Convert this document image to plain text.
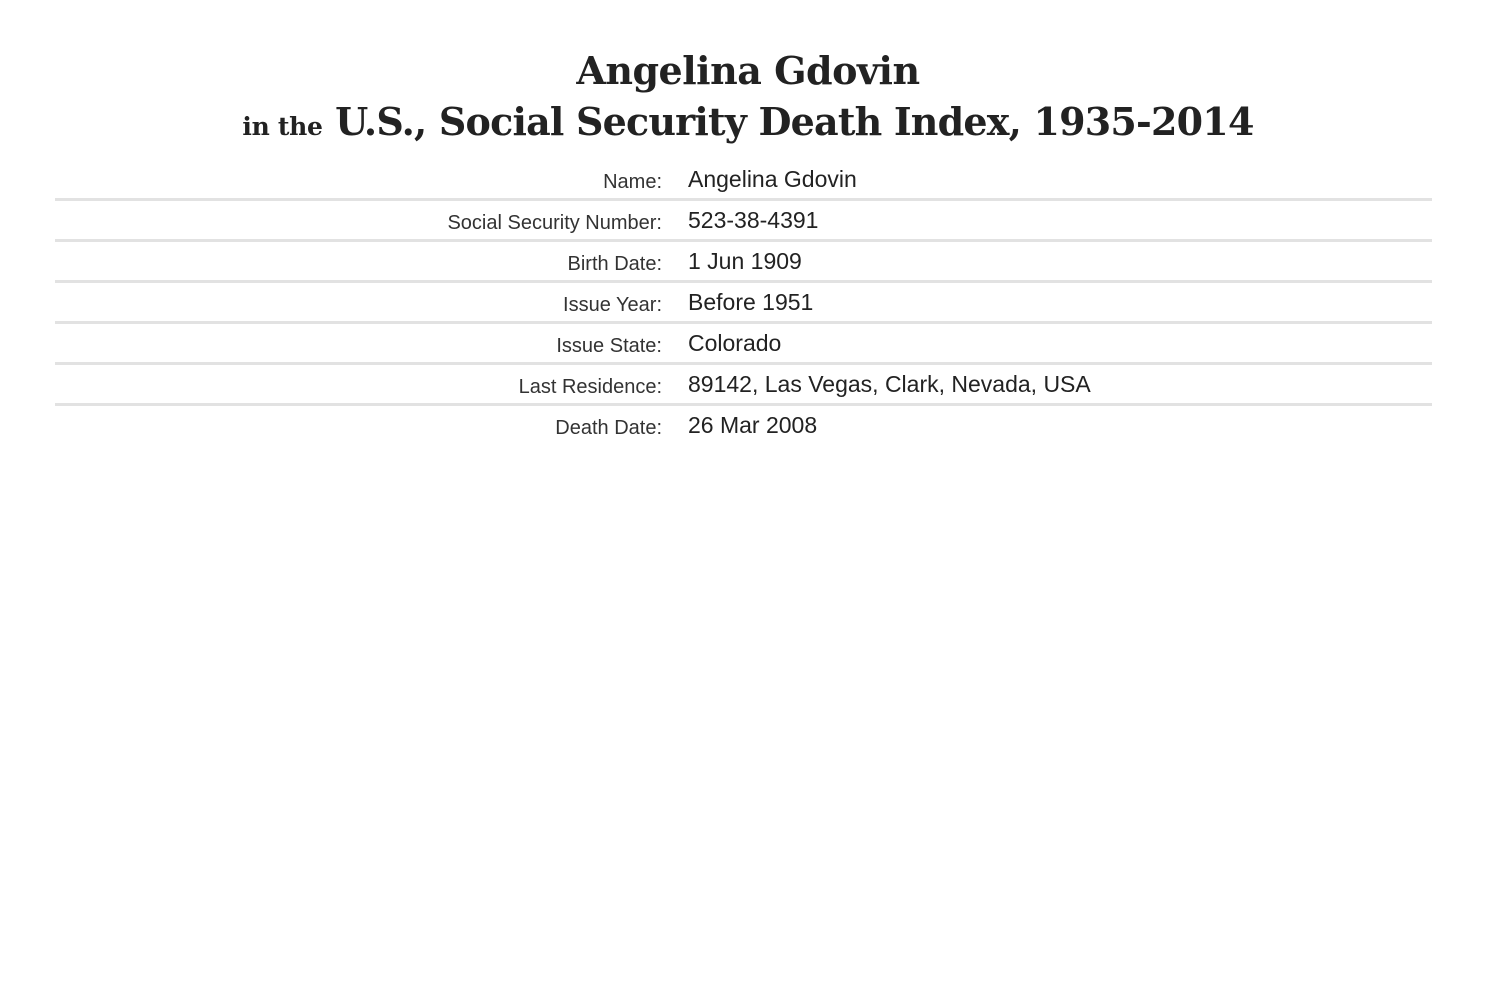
Angelina Gdovin
in the U.S., Social Security Death Index, 1935-2014
Name: Angelina Gdovin
Social Security Number: 523-38-4391
Birth Date: 1 Jun 1909
Issue Year: Before 1951
Issue State: Colorado
Last Residence: 89142, Las Vegas, Clark, Nevada, USA
Death Date: 26 Mar 2008
